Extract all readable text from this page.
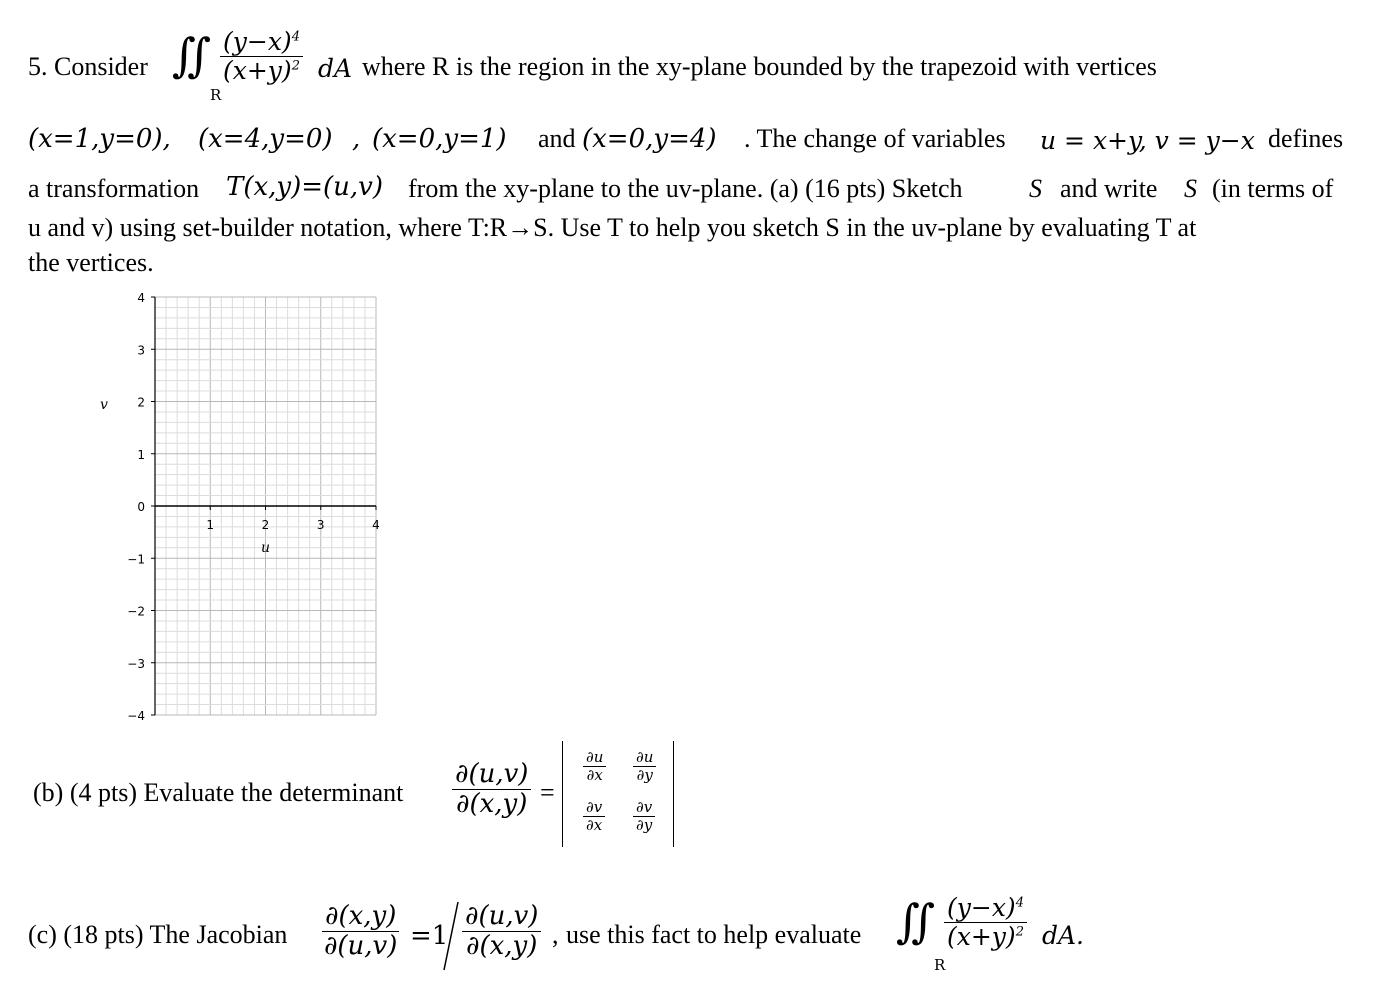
5. Consider ∬
R
$\frac{(y-x)^4}{(x+y)^2}$ dA where R is the region in the xy-plane bounded by the trapezoid with vertices
(x=1,y=0), (x=4,y=0) , (x=0,y=1) and (x=0,y=4) . The change of variables u = x+y, v = y−x defines
a transformation T(x,y)=(u,v) from the xy-plane to the uv-plane. (a) (16 pts) Sketch	S and write S (in terms of
u and v) using set-builder notation, where T:R→S. Use T to help you sketch S in the uv-plane by evaluating T at
the vertices.
4
3
2
1
0
−1
−2
−3
−4
1	2	3	4
v
u
(b) (4 pts) Evaluate the determinant $\frac{\partial(u,v)}{\partial(x,y)}$ =
$\frac{\partial u}{\partial x} \frac{\partial u}{\partial y}$
$\frac{\partial v}{\partial x} \frac{\partial v}{\partial y}$
(c) (18 pts) The Jacobian $\frac{\partial(x,y)}{\partial(u,v)} =1 \frac{\partial(u,v)}{\partial(x,y)}$ , use this fact to help evaluate ∬
R
$\frac{(y-x)^4}{(x+y)^2}$ dA.
